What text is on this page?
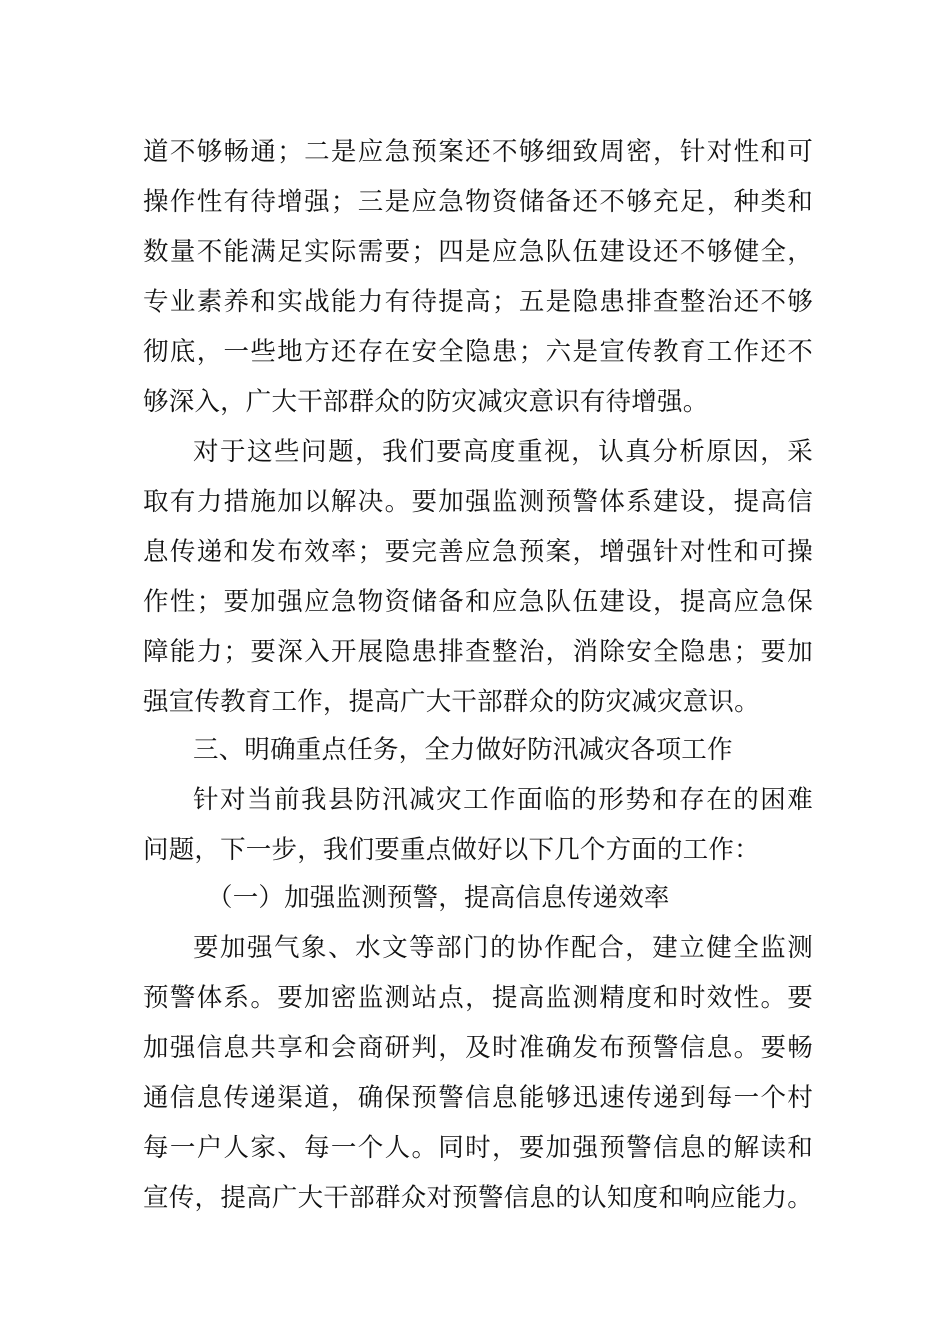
道不够畅通；二是应急预案还不够细致周密，针对性和可
操作性有待增强；三是应急物资储备还不够充足，种类和
数量不能满足实际需要；四是应急队伍建设还不够健全，
专业素养和实战能力有待提高；五是隐患排查整治还不够
彻底，一些地方还存在安全隐患；六是宣传教育工作还不
够深入，广大干部群众的防灾减灾意识有待增强。
对于这些问题，我们要高度重视，认真分析原因，采
取有力措施加以解决。要加强监测预警体系建设，提高信
息传递和发布效率；要完善应急预案，增强针对性和可操
作性；要加强应急物资储备和应急队伍建设，提高应急保
障能力；要深入开展隐患排查整治，消除安全隐患；要加
强宣传教育工作，提高广大干部群众的防灾减灾意识。
三、明确重点任务，全力做好防汛减灾各项工作
针对当前我县防汛减灾工作面临的形势和存在的困难
问题，下一步，我们要重点做好以下几个方面的工作：
（一）加强监测预警，提高信息传递效率
要加强气象、水文等部门的协作配合，建立健全监测
预警体系。要加密监测站点，提高监测精度和时效性。要
加强信息共享和会商研判，及时准确发布预警信息。要畅
通信息传递渠道，确保预警信息能够迅速传递到每一个村
每一户人家、每一个人。同时，要加强预警信息的解读和
宣传，提高广大干部群众对预警信息的认知度和响应能力。
